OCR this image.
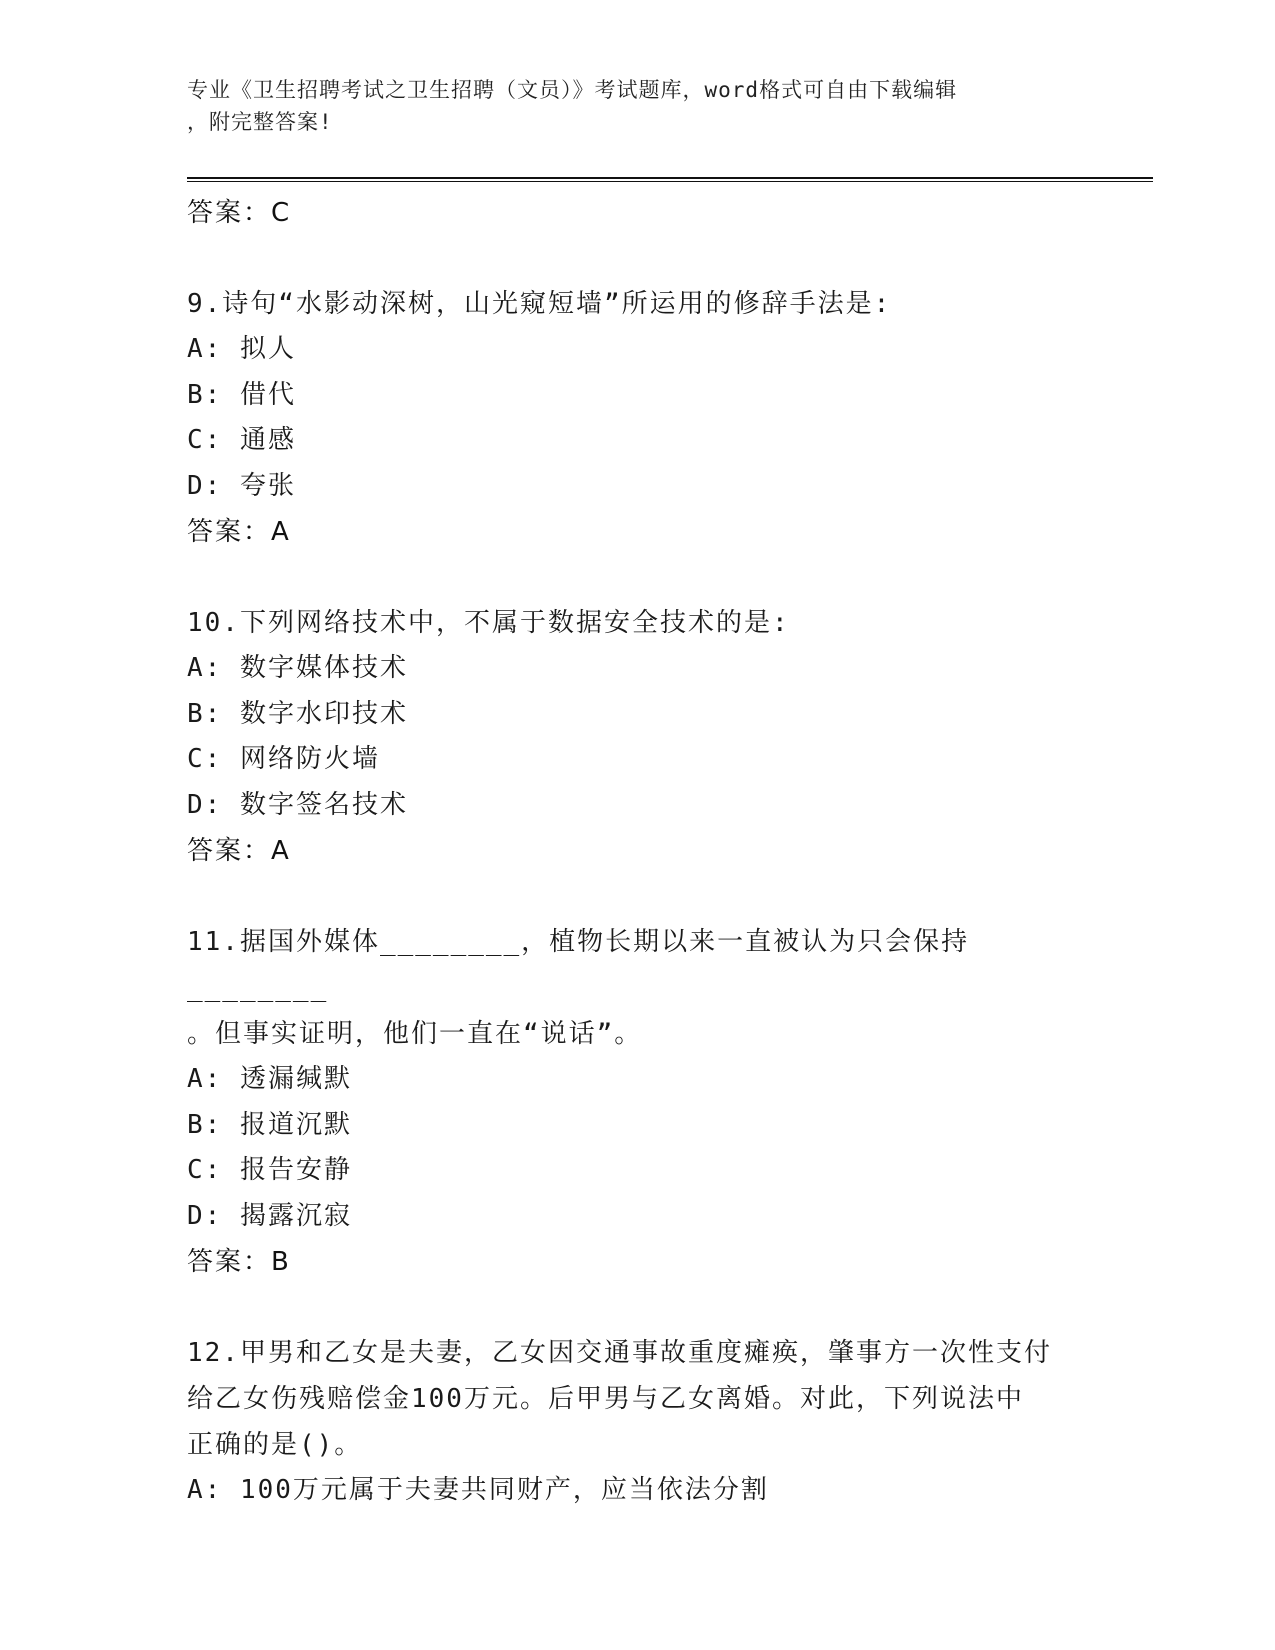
专业《卫生招聘考试之卫生招聘（文员）》考试题库，word格式可自由下载编辑
，附完整答案!
答案：C
9.诗句“水影动深树，山光窥短墙”所运用的修辞手法是:
A: 拟人
B: 借代
C: 通感
D: 夸张
答案：A
10.下列网络技术中，不属于数据安全技术的是:
A: 数字媒体技术
B: 数字水印技术
C: 网络防火墙
D: 数字签名技术
答案：A
11.据国外媒体________，植物长期以来一直被认为只会保持________
。但事实证明，他们一直在“说话”。
A: 透漏缄默
B: 报道沉默
C: 报告安静
D: 揭露沉寂
答案：B
12.甲男和乙女是夫妻，乙女因交通事故重度瘫痪，肇事方一次性支付
给乙女伤残赔偿金100万元。后甲男与乙女离婚。对此，下列说法中
正确的是()。
A: 100万元属于夫妻共同财产，应当依法分割
